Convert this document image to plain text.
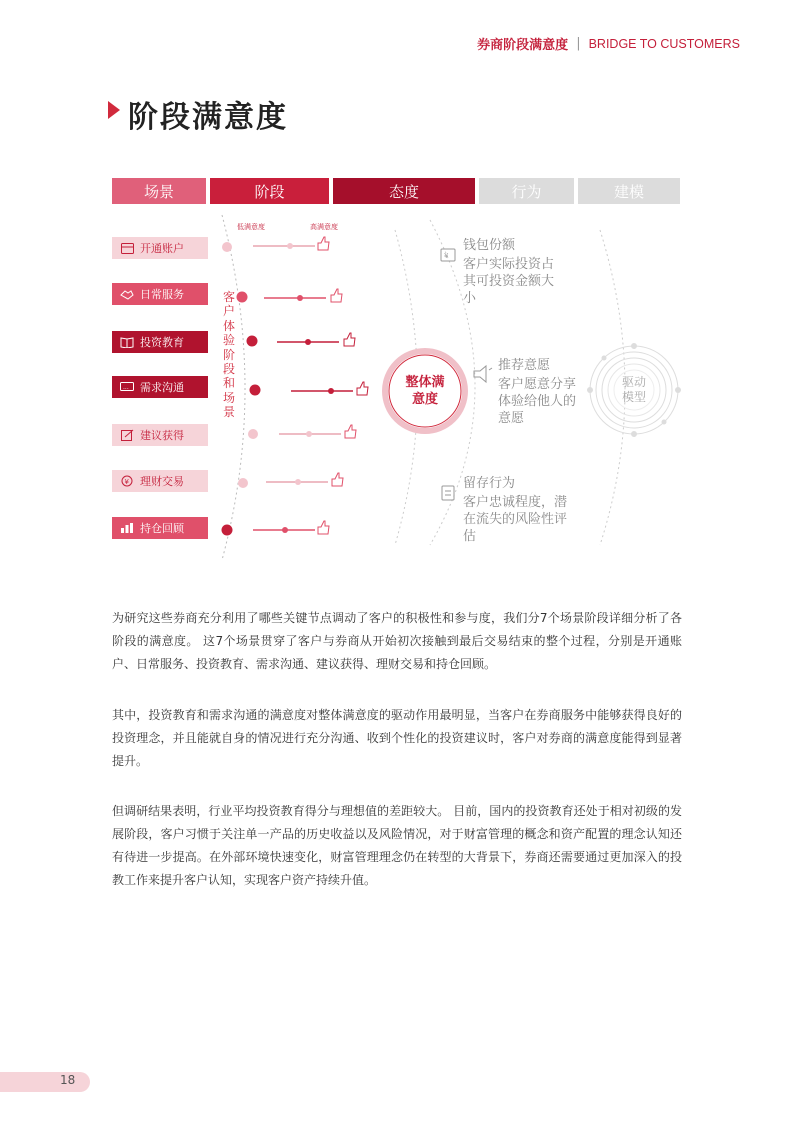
券商阶段满意度 | BRIDGE TO CUSTOMERS
阶段满意度
场景	阶段	态度	行为	建模
低满意度	高满意度
开通账户
日常服务
投资教育
... 需求沟通
建议获得
¥ 理财交易
持仓回顾
¥
客户体验阶段和场景
整体满意度
钱包份额
客户实际投资占其可投资金额大小
推荐意愿
客户愿意分享体验给他人的意愿
留存行为
客户忠诚程度，潜在流失的风险性评估
驱动模型
为研究这些券商充分利用了哪些关键节点调动了客户的积极性和参与度，我们分7个场景阶段详细分析了各阶段的满意度。 这7个场景贯穿了客户与券商从开始初次接触到最后交易结束的整个过程，分别是开通账户、日常服务、投资教育、需求沟通、建议获得、理财交易和持仓回顾。
其中，投资教育和需求沟通的满意度对整体满意度的驱动作用最明显，当客户在券商服务中能够获得良好的投资理念，并且能就自身的情况进行充分沟通、收到个性化的投资建议时，客户对券商的满意度能得到显著提升。
但调研结果表明，行业平均投资教育得分与理想值的差距较大。 目前，国内的投资教育还处于相对初级的发展阶段，客户习惯于关注单一产品的历史收益以及风险情况，对于财富管理的概念和资产配置的理念认知还有待进一步提高。在外部环境快速变化，财富管理理念仍在转型的大背景下，券商还需要通过更加深入的投教工作来提升客户认知，实现客户资产持续升值。
18
